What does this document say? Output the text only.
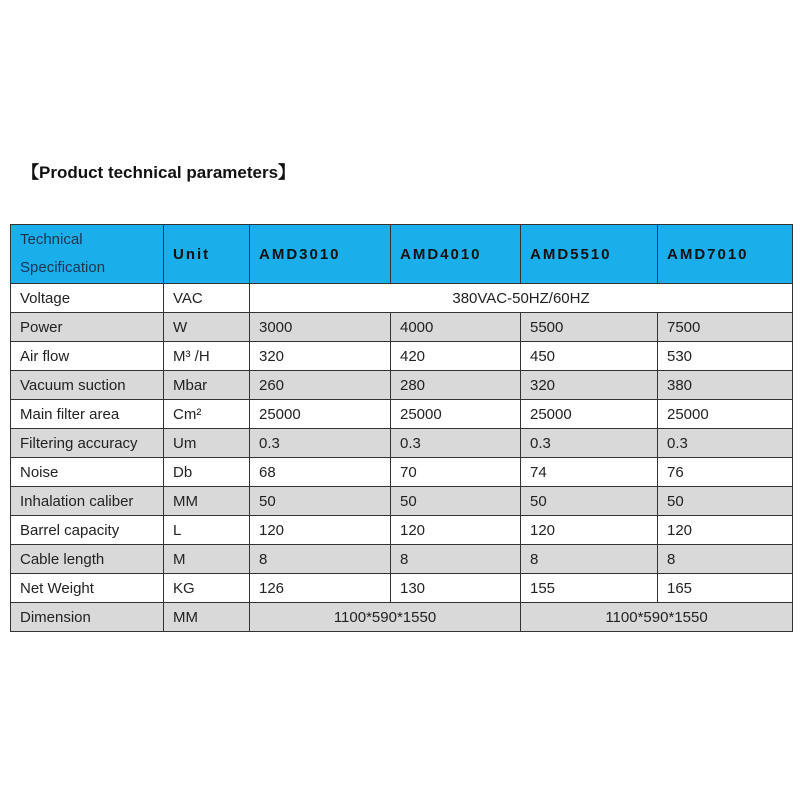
【Product technical parameters】
Technical Specification	Unit	AMD3010	AMD4010	AMD5510	AMD7010
Voltage	VAC	380VAC-50HZ/60HZ			
Power	W	3000	4000	5500	7500
Air flow	M³ /H	320	420	450	530
Vacuum suction	Mbar	260	280	320	380
Main filter area	Cm²	25000	25000	25000	25000
Filtering accuracy	Um	0.3	0.3	0.3	0.3
Noise	Db	68	70	74	76
Inhalation caliber	MM	50	50	50	50
Barrel capacity	L	120	120	120	120
Cable length	M	8	8	8	8
Net Weight	KG	126	130	155	165
Dimension	MM	1100*590*1550		1100*590*1550	
